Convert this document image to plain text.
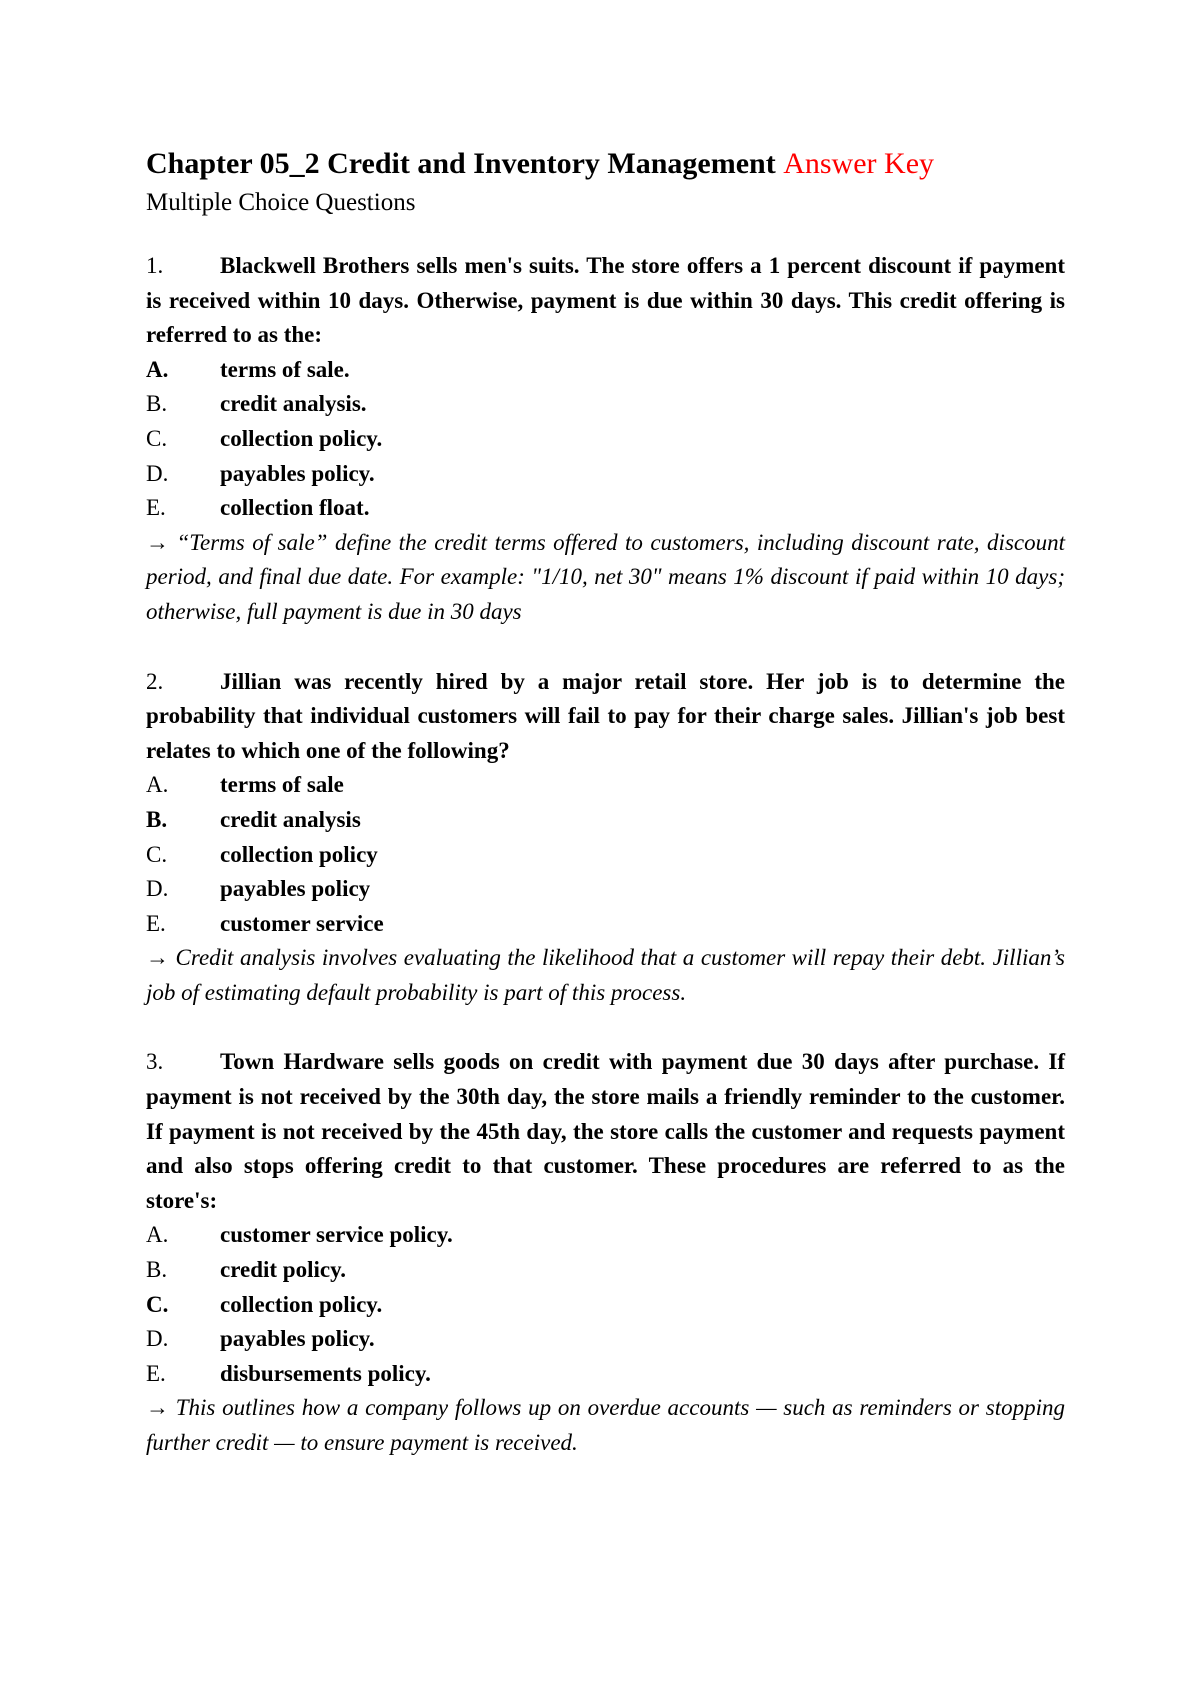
Chapter 05_2 Credit and Inventory Management Answer Key

Multiple Choice Questions

1. Blackwell Brothers sells men's suits. The store offers a 1 percent discount if payment is received within 10 days. Otherwise, payment is due within 30 days. This credit offering is referred to as the:

A.	terms of sale.
B.	credit analysis.
C.	collection policy.
D.	payables policy.
E.	collection float.

→ “Terms of sale” define the credit terms offered to customers, including discount rate, discount period, and final due date. For example: "1/10, net 30" means 1% discount if paid within 10 days; otherwise, full payment is due in 30 days

2. Jillian was recently hired by a major retail store. Her job is to determine the probability that individual customers will fail to pay for their charge sales. Jillian's job best relates to which one of the following?

A.	terms of sale
B.	credit analysis
C.	collection policy
D.	payables policy
E.	customer service

→ Credit analysis involves evaluating the likelihood that a customer will repay their debt. Jillian’s job of estimating default probability is part of this process.

3. Town Hardware sells goods on credit with payment due 30 days after purchase. If payment is not received by the 30th day, the store mails a friendly reminder to the customer. If payment is not received by the 45th day, the store calls the customer and requests payment and also stops offering credit to that customer. These procedures are referred to as the store's:

A.	customer service policy.
B.	credit policy.
C.	collection policy.
D.	payables policy.
E.	disbursements policy.

→ This outlines how a company follows up on overdue accounts — such as reminders or stopping further credit — to ensure payment is received.
